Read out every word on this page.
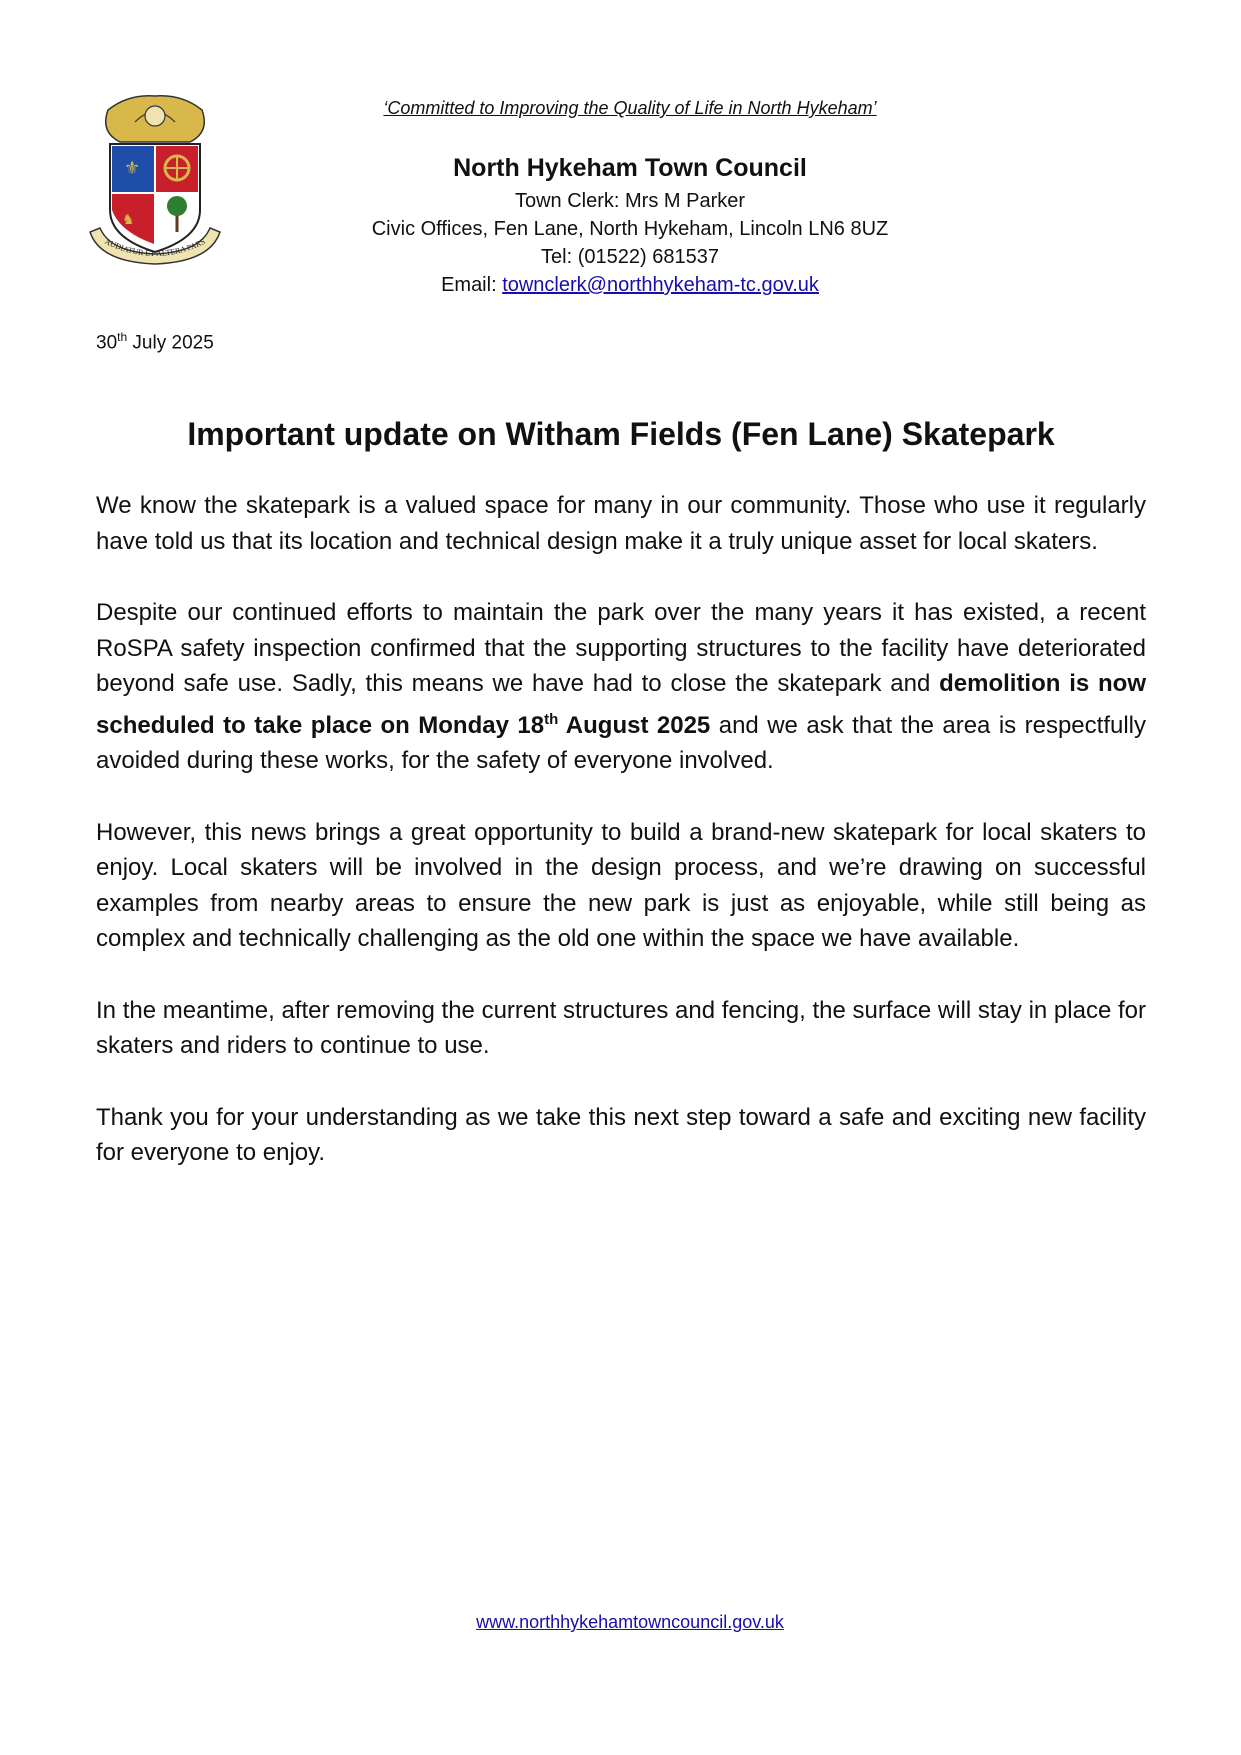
⚜
♞
AUDIATUR ET ALTERA PARS
‘Committed to Improving the Quality of Life in North Hykeham’
North Hykeham Town Council
Town Clerk: Mrs M Parker
Civic Offices, Fen Lane, North Hykeham, Lincoln LN6 8UZ
Tel: (01522) 681537
Email: townclerk@northhykeham-tc.gov.uk
30th July 2025
Important update on Witham Fields (Fen Lane) Skatepark

We know the skatepark is a valued space for many in our community. Those who use it regularly have told us that its location and technical design make it a truly unique asset for local skaters.

Despite our continued efforts to maintain the park over the many years it has existed, a recent RoSPA safety inspection confirmed that the supporting structures to the facility have deteriorated beyond safe use. Sadly, this means we have had to close the skatepark and demolition is now scheduled to take place on Monday 18th August 2025 and we ask that the area is respectfully avoided during these works, for the safety of everyone involved.

However, this news brings a great opportunity to build a brand-new skatepark for local skaters to enjoy. Local skaters will be involved in the design process, and we’re drawing on successful examples from nearby areas to ensure the new park is just as enjoyable, while still being as complex and technically challenging as the old one within the space we have available.

In the meantime, after removing the current structures and fencing, the surface will stay in place for skaters and riders to continue to use.

Thank you for your understanding as we take this next step toward a safe and exciting new facility for everyone to enjoy.

www.northhykehamtowncouncil.gov.uk
